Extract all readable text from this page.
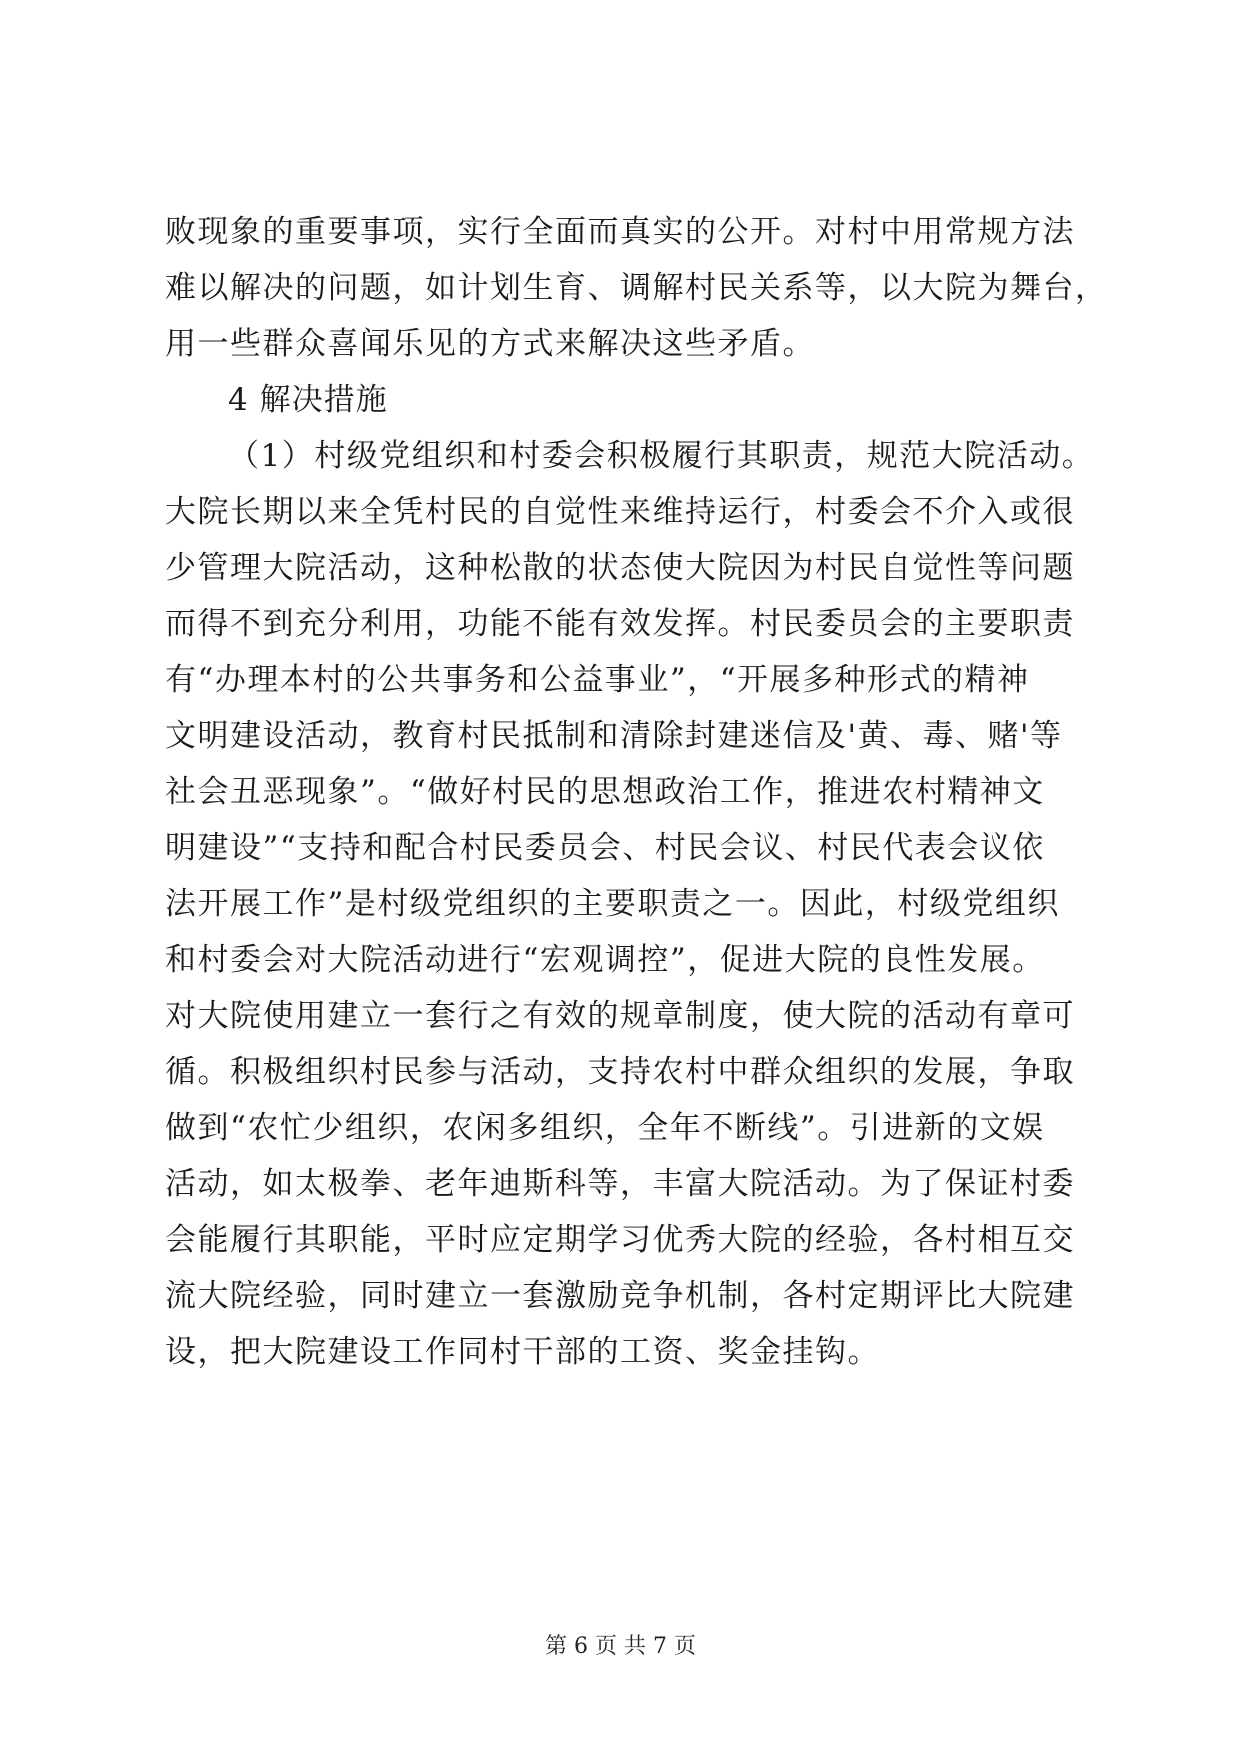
败现象的重要事项，实行全面而真实的公开。对村中用常规方法
难以解决的问题，如计划生育、调解村民关系等，以大院为舞台，
用一些群众喜闻乐见的方式来解决这些矛盾。
4 解决措施
（1）村级党组织和村委会积极履行其职责，规范大院活动。
大院长期以来全凭村民的自觉性来维持运行，村委会不介入或很
少管理大院活动，这种松散的状态使大院因为村民自觉性等问题
而得不到充分利用，功能不能有效发挥。村民委员会的主要职责
有“办理本村的公共事务和公益事业”，“开展多种形式的精神
文明建设活动，教育村民抵制和清除封建迷信及'黄、毒、赌'等
社会丑恶现象”。“做好村民的思想政治工作，推进农村精神文
明建设”“支持和配合村民委员会、村民会议、村民代表会议依
法开展工作”是村级党组织的主要职责之一。因此，村级党组织
和村委会对大院活动进行“宏观调控”，促进大院的良性发展。
对大院使用建立一套行之有效的规章制度，使大院的活动有章可
循。积极组织村民参与活动，支持农村中群众组织的发展，争取
做到“农忙少组织，农闲多组织，全年不断线”。引进新的文娱
活动，如太极拳、老年迪斯科等，丰富大院活动。为了保证村委
会能履行其职能，平时应定期学习优秀大院的经验，各村相互交
流大院经验，同时建立一套激励竞争机制，各村定期评比大院建
设，把大院建设工作同村干部的工资、奖金挂钩。
第 6 页 共 7 页
